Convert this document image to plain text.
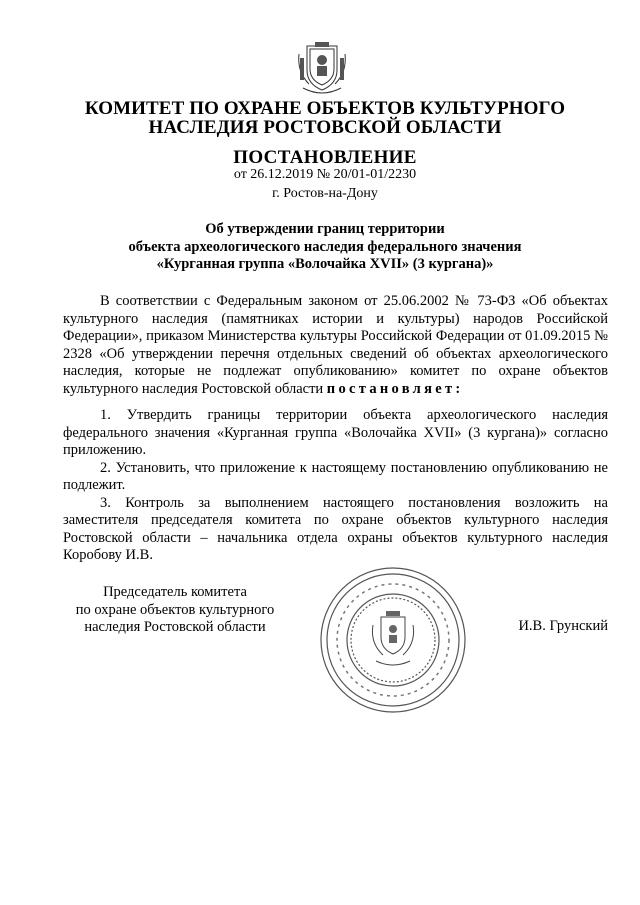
КОМИТЕТ ПО ОХРАНЕ ОБЪЕКТОВ КУЛЬТУРНОГО
НАСЛЕДИЯ РОСТОВСКОЙ ОБЛАСТИ
ПОСТАНОВЛЕНИЕ
от 26.12.2019 № 20/01-01/2230
г. Ростов-на-Дону
Об утверждении границ территории
объекта археологического наследия федерального значения
«Курганная группа «Волочайка XVII» (3 кургана)»

В соответствии с Федеральным законом от 25.06.2002 № 73-ФЗ «Об объектах культурного наследия (памятниках истории и культуры) народов Российской Федерации», приказом Министерства культуры Российской Федерации от 01.09.2015 № 2328 «Об утверждении перечня отдельных сведений об объектах археологического наследия, которые не подлежат опубликованию» комитет по охране объектов культурного наследия Ростовской области постановляет:

1. Утвердить границы территории объекта археологического наследия федерального значения «Курганная группа «Волочайка XVII» (3 кургана)» согласно приложению.

2. Установить, что приложение к настоящему постановлению опубликованию не подлежит.

3. Контроль за выполнением настоящего постановления возложить на заместителя председателя комитета по охране объектов культурного наследия Ростовской области – начальника отдела охраны объектов культурного наследия Коробову И.В.

Председатель комитета
по охране объектов культурного
наследия Ростовской области	И.В. Грунский
